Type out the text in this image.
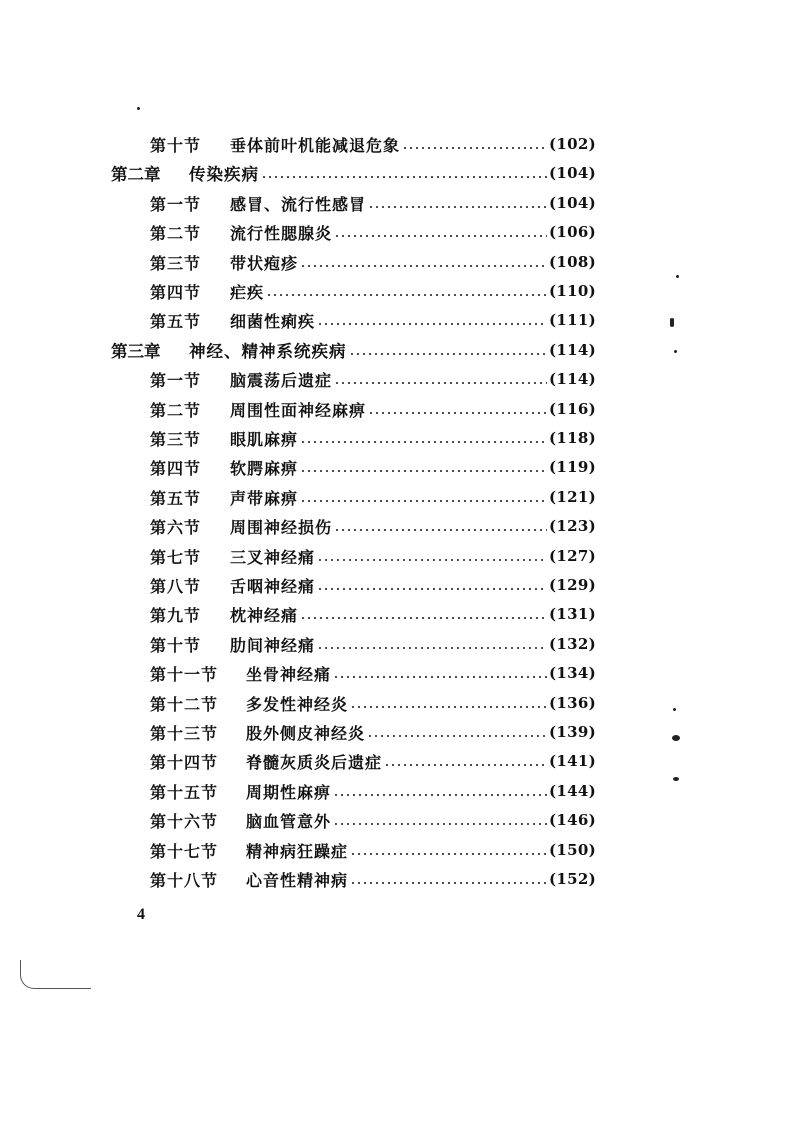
第十节	垂体前叶机能减退危象	(102)
第二章	传染疾病	(104)
第一节	感冒、流行性感冒	(104)
第二节	流行性腮腺炎	(106)
第三节	带状疱疹	(108)
第四节	疟疾	(110)
第五节	细菌性痢疾	(111)
第三章	神经、精神系统疾病	(114)
第一节	脑震荡后遗症	(114)
第二节	周围性面神经麻痹	(116)
第三节	眼肌麻痹	(118)
第四节	软腭麻痹	(119)
第五节	声带麻痹	(121)
第六节	周围神经损伤	(123)
第七节	三叉神经痛	(127)
第八节	舌咽神经痛	(129)
第九节	枕神经痛	(131)
第十节	肋间神经痛	(132)
第十一节	坐骨神经痛	(134)
第十二节	多发性神经炎	(136)
第十三节	股外侧皮神经炎	(139)
第十四节	脊髓灰质炎后遗症	(141)
第十五节	周期性麻痹	(144)
第十六节	脑血管意外	(146)
第十七节	精神病狂躁症	(150)
第十八节	心音性精神病	(152)
4
